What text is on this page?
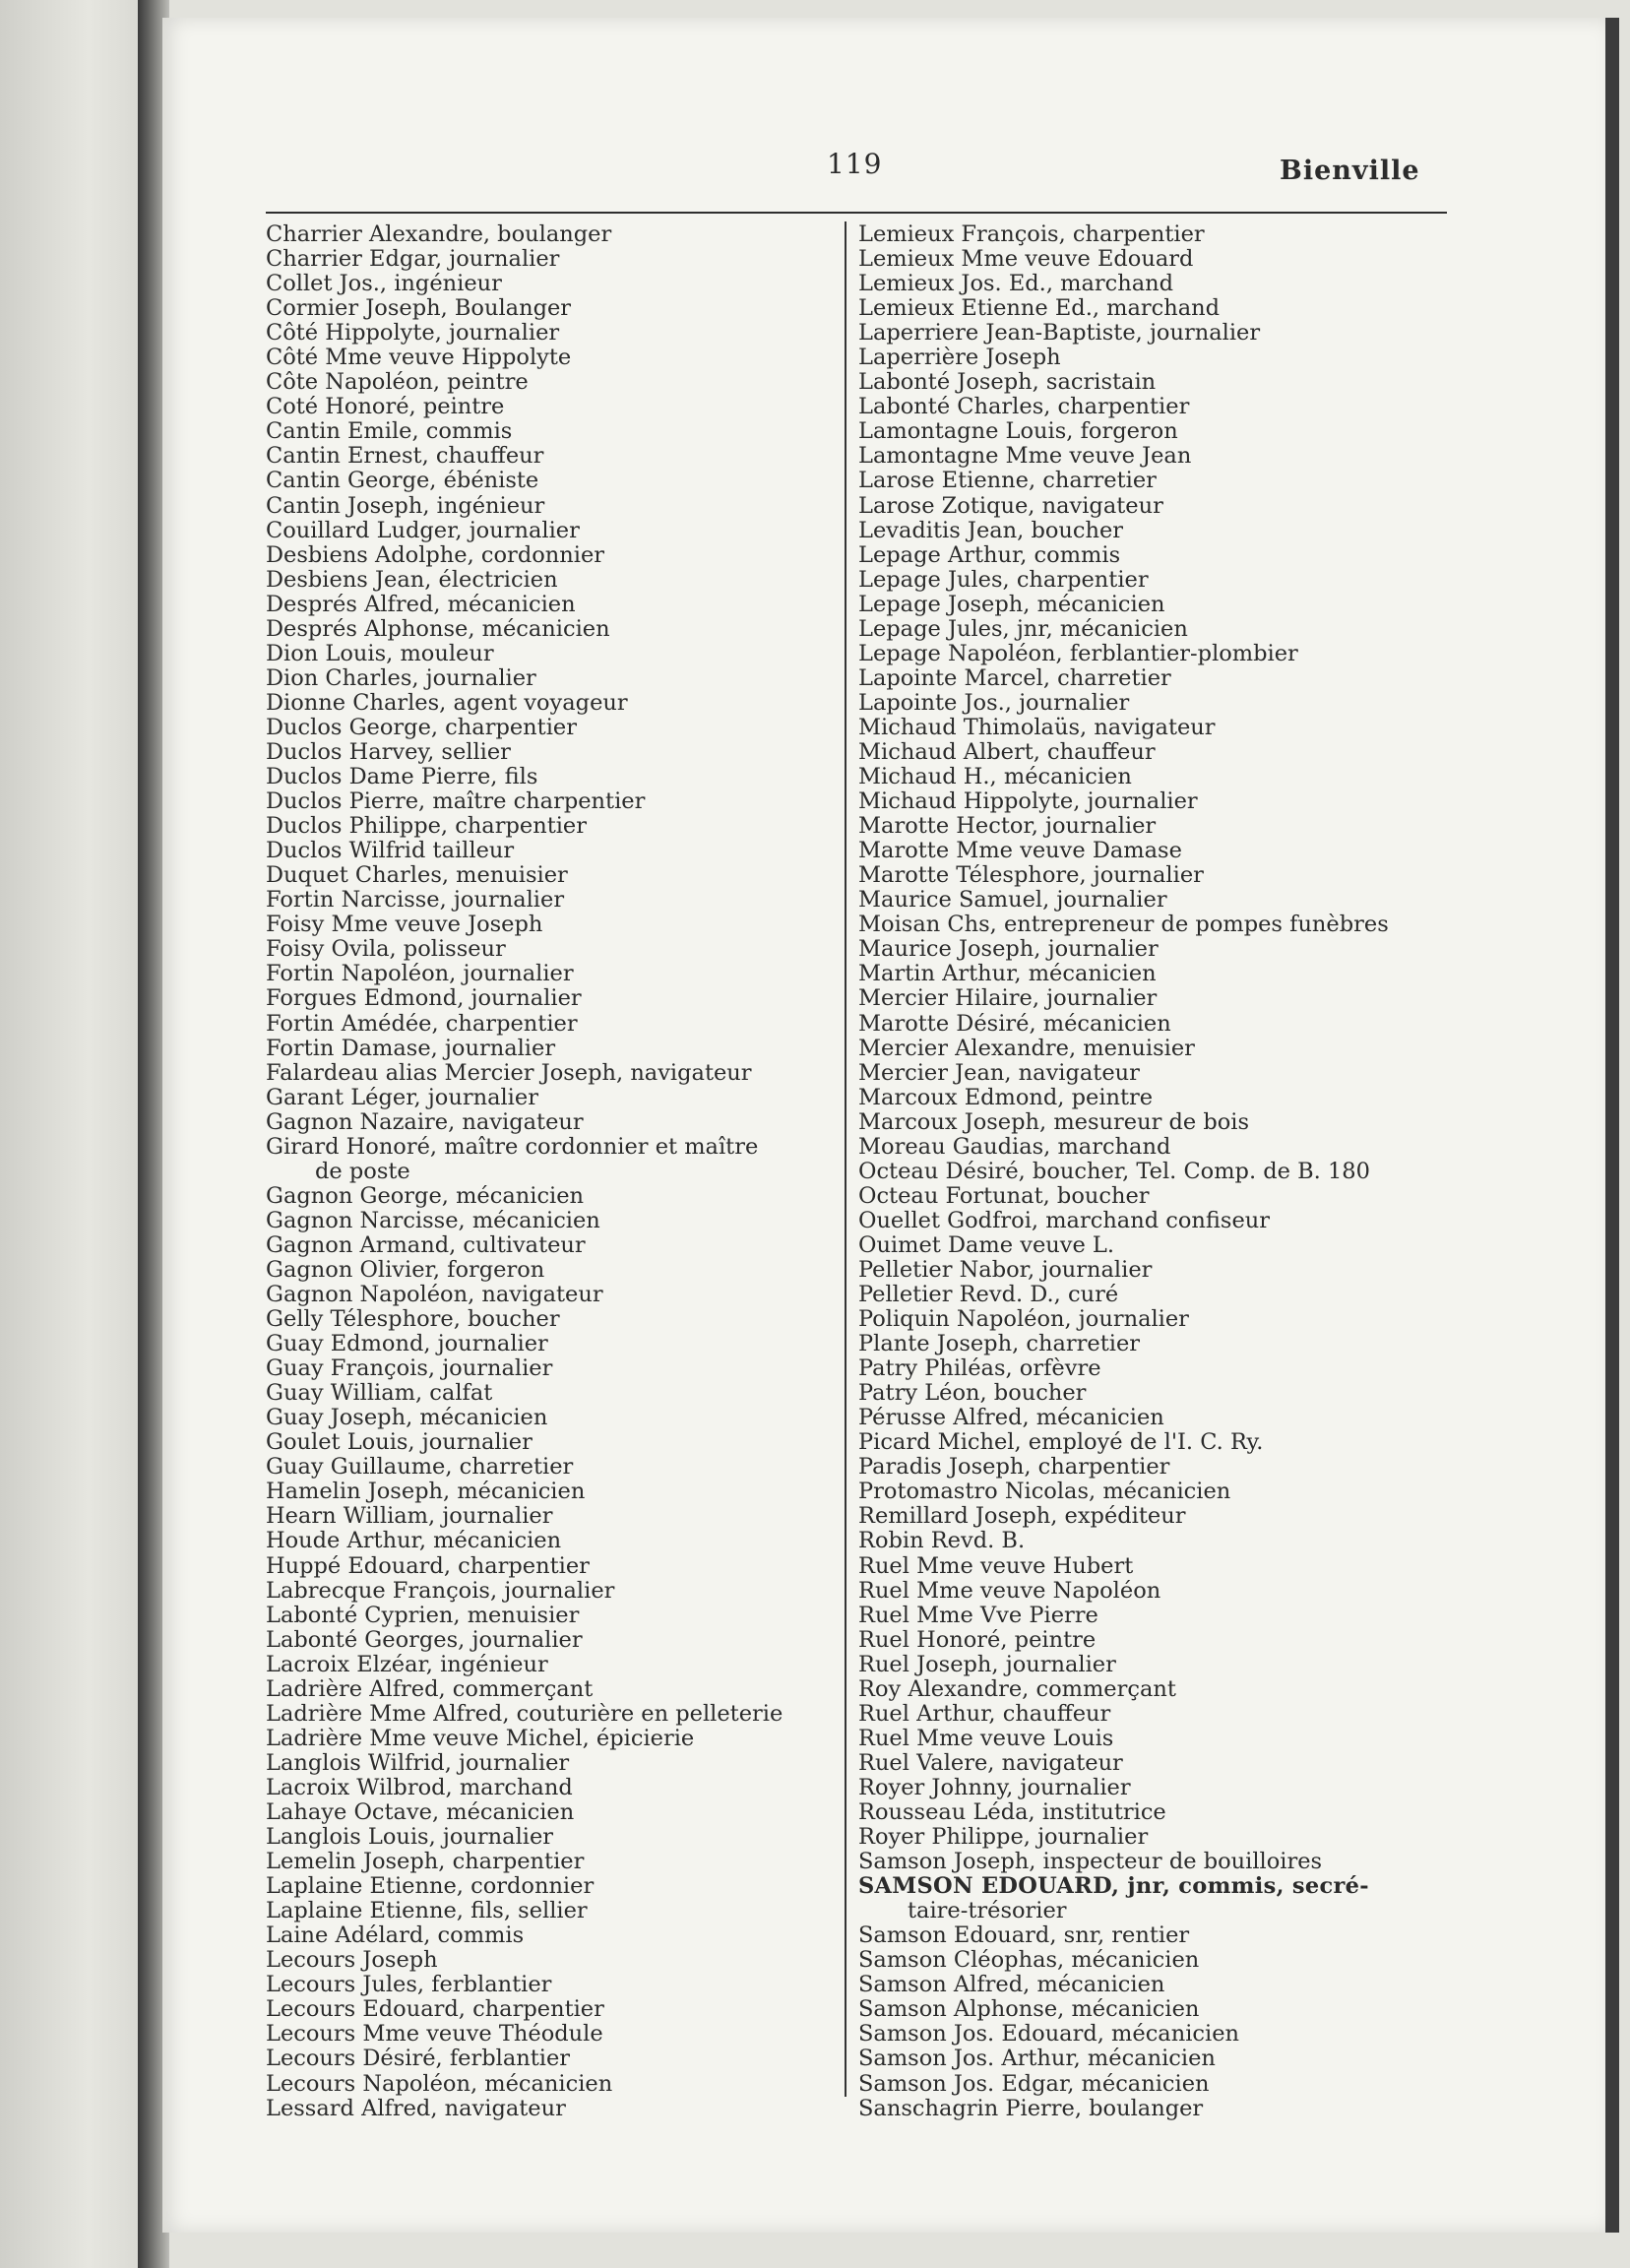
119	Bienville
Charrier Alexandre, boulanger
Charrier Edgar, journalier
Collet Jos., ingénieur
Cormier Joseph, Boulanger
Côté Hippolyte, journalier
Côté Mme veuve Hippolyte
Côte Napoléon, peintre
Coté Honoré, peintre
Cantin Emile, commis
Cantin Ernest, chauffeur
Cantin George, ébéniste
Cantin Joseph, ingénieur
Couillard Ludger, journalier
Desbiens Adolphe, cordonnier
Desbiens Jean, électricien
Després Alfred, mécanicien
Després Alphonse, mécanicien
Dion Louis, mouleur
Dion Charles, journalier
Dionne Charles, agent voyageur
Duclos George, charpentier
Duclos Harvey, sellier
Duclos Dame Pierre, fils
Duclos Pierre, maître charpentier
Duclos Philippe, charpentier
Duclos Wilfrid tailleur
Duquet Charles, menuisier
Fortin Narcisse, journalier
Foisy Mme veuve Joseph
Foisy Ovila, polisseur
Fortin Napoléon, journalier
Forgues Edmond, journalier
Fortin Amédée, charpentier
Fortin Damase, journalier
Falardeau alias Mercier Joseph, navigateur
Garant Léger, journalier
Gagnon Nazaire, navigateur
Girard Honoré, maître cordonnier et maître
de poste
Gagnon George, mécanicien
Gagnon Narcisse, mécanicien
Gagnon Armand, cultivateur
Gagnon Olivier, forgeron
Gagnon Napoléon, navigateur
Gelly Télesphore, boucher
Guay Edmond, journalier
Guay François, journalier
Guay William, calfat
Guay Joseph, mécanicien
Goulet Louis, journalier
Guay Guillaume, charretier
Hamelin Joseph, mécanicien
Hearn William, journalier
Houde Arthur, mécanicien
Huppé Edouard, charpentier
Labrecque François, journalier
Labonté Cyprien, menuisier
Labonté Georges, journalier
Lacroix Elzéar, ingénieur
Ladrière Alfred, commerçant
Ladrière Mme Alfred, couturière en pelleterie
Ladrière Mme veuve Michel, épicierie
Langlois Wilfrid, journalier
Lacroix Wilbrod, marchand
Lahaye Octave, mécanicien
Langlois Louis, journalier
Lemelin Joseph, charpentier
Laplaine Etienne, cordonnier
Laplaine Etienne, fils, sellier
Laine Adélard, commis
Lecours Joseph
Lecours Jules, ferblantier
Lecours Edouard, charpentier
Lecours Mme veuve Théodule
Lecours Désiré, ferblantier
Lecours Napoléon, mécanicien
Lessard Alfred, navigateur
Lemieux François, charpentier
Lemieux Mme veuve Edouard
Lemieux Jos. Ed., marchand
Lemieux Etienne Ed., marchand
Laperriere Jean-Baptiste, journalier
Laperrière Joseph
Labonté Joseph, sacristain
Labonté Charles, charpentier
Lamontagne Louis, forgeron
Lamontagne Mme veuve Jean
Larose Etienne, charretier
Larose Zotique, navigateur
Levaditis Jean, boucher
Lepage Arthur, commis
Lepage Jules, charpentier
Lepage Joseph, mécanicien
Lepage Jules, jnr, mécanicien
Lepage Napoléon, ferblantier-plombier
Lapointe Marcel, charretier
Lapointe Jos., journalier
Michaud Thimolaüs, navigateur
Michaud Albert, chauffeur
Michaud H., mécanicien
Michaud Hippolyte, journalier
Marotte Hector, journalier
Marotte Mme veuve Damase
Marotte Télesphore, journalier
Maurice Samuel, journalier
Moisan Chs, entrepreneur de pompes funèbres
Maurice Joseph, journalier
Martin Arthur, mécanicien
Mercier Hilaire, journalier
Marotte Désiré, mécanicien
Mercier Alexandre, menuisier
Mercier Jean, navigateur
Marcoux Edmond, peintre
Marcoux Joseph, mesureur de bois
Moreau Gaudias, marchand
Octeau Désiré, boucher, Tel. Comp. de B. 180
Octeau Fortunat, boucher
Ouellet Godfroi, marchand confiseur
Ouimet Dame veuve L.
Pelletier Nabor, journalier
Pelletier Revd. D., curé
Poliquin Napoléon, journalier
Plante Joseph, charretier
Patry Philéas, orfèvre
Patry Léon, boucher
Pérusse Alfred, mécanicien
Picard Michel, employé de l'I. C. Ry.
Paradis Joseph, charpentier
Protomastro Nicolas, mécanicien
Remillard Joseph, expéditeur
Robin Revd. B.
Ruel Mme veuve Hubert
Ruel Mme veuve Napoléon
Ruel Mme Vve Pierre
Ruel Honoré, peintre
Ruel Joseph, journalier
Roy Alexandre, commerçant
Ruel Arthur, chauffeur
Ruel Mme veuve Louis
Ruel Valere, navigateur
Royer Johnny, journalier
Rousseau Léda, institutrice
Royer Philippe, journalier
Samson Joseph, inspecteur de bouilloires
SAMSON EDOUARD, jnr, commis, secré-
taire-trésorier
Samson Edouard, snr, rentier
Samson Cléophas, mécanicien
Samson Alfred, mécanicien
Samson Alphonse, mécanicien
Samson Jos. Edouard, mécanicien
Samson Jos. Arthur, mécanicien
Samson Jos. Edgar, mécanicien
Sanschagrin Pierre, boulanger
